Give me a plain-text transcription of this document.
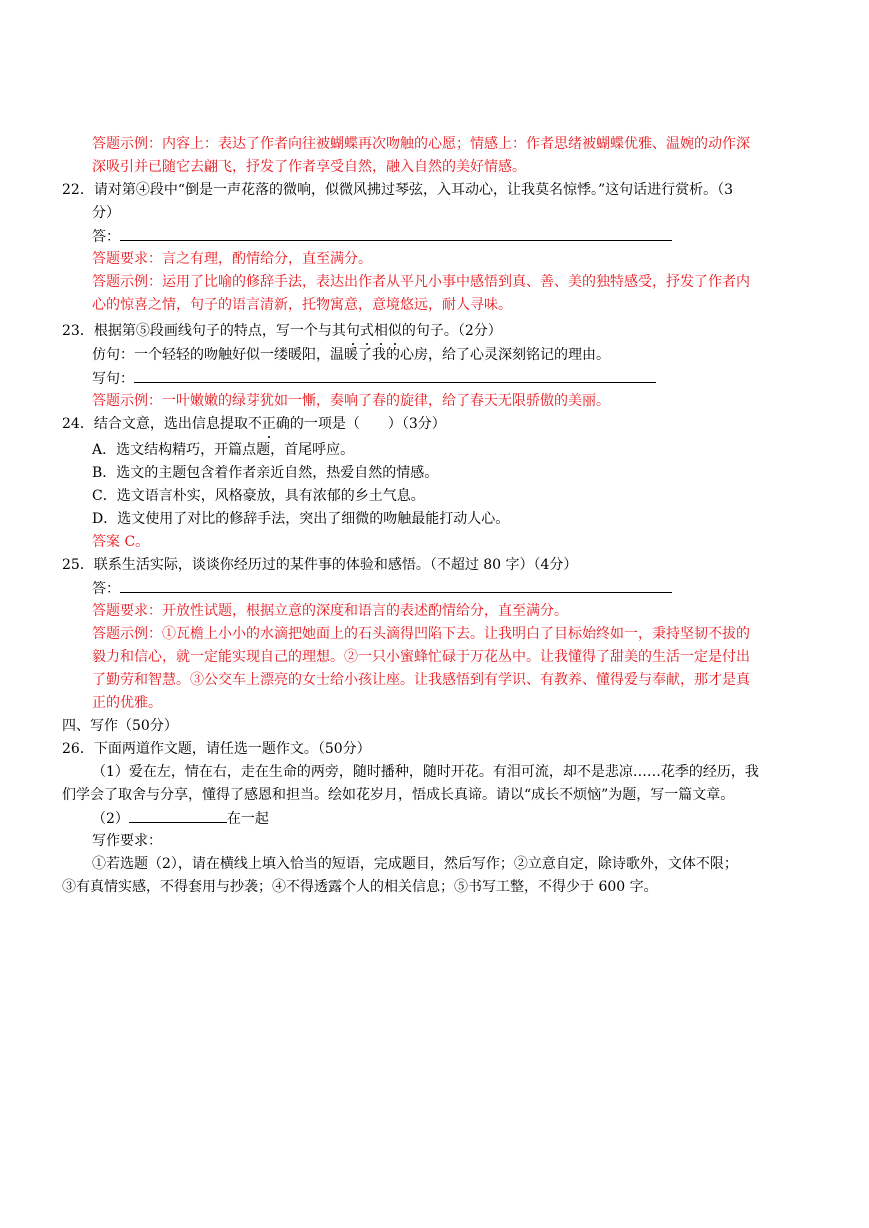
答题示例：内容上：表达了作者向往被蝴蝶再次吻触的心愿；情感上：作者思绪被蝴蝶优雅、温婉的动作深
深吸引并已随它去翩飞，抒发了作者享受自然，融入自然的美好情感。
22．请对第④段中“倒是一声花落的微响，似微风拂过琴弦，入耳动心，让我莫名惊悸。”这句话进行赏析。（3
分）
答：
答题要求：言之有理，酌情给分，直至满分。
答题示例：运用了比喻的修辞手法，表达出作者从平凡小事中感悟到真、善、美的独特感受，抒发了作者内
心的惊喜之情，句子的语言清新，托物寓意，意境悠远，耐人寻味。
23．根据第⑤段画线句子的特点，写一个与其句式相似的句子。（2分）
仿句：一个轻轻的吻触好似一缕暖阳，温暖了我的心房，给了心灵深刻铭记的理由。
写句：
答题示例：一叶嫩嫩的绿芽犹如一慚，奏响了春的旋律，给了春天无限骄傲的美丽。
24．结合文意，选出信息提取不正确的一项是（　　）（3分）
A．选文结构精巧，开篇点题，首尾呼应。
B．选文的主题包含着作者亲近自然，热爱自然的情感。
C．选文语言朴实，风格豪放，具有浓郁的乡土气息。
D．选文使用了对比的修辞手法，突出了细微的吻触最能打动人心。
答案 C。
25．联系生活实际，谈谈你经历过的某件事的体验和感悟。（不超过 80 字）（4分）
答：
答题要求：开放性试题，根据立意的深度和语言的表述酌情给分，直至满分。
答题示例：①瓦檐上小小的水滴把她面上的石头滴得凹陷下去。让我明白了目标始终如一，秉持坚韧不拔的
毅力和信心，就一定能实现自己的理想。②一只小蜜蜂忙碌于万花丛中。让我懂得了甜美的生活一定是付出
了勤劳和智慧。③公交车上漂亮的女士给小孩让座。让我感悟到有学识、有教养、懂得爱与奉献，那才是真
正的优雅。
四、写作（50分）
26．下面两道作文题，请任选一题作文。（50分）
（1）爱在左，情在右，走在生命的两旁，随时播种，随时开花。有泪可流，却不是悲凉……花季的经历，我
们学会了取舍与分享，懂得了感恩和担当。绘如花岁月，悟成长真谛。请以“成长不烦恼”为题，写一篇文章。
（2）	在一起
写作要求：
①若选题（2），请在横线上填入恰当的短语，完成题目，然后写作；②立意自定，除诗歌外，文体不限；
③有真情实感，不得套用与抄袭；④不得透露个人的相关信息；⑤书写工整，不得少于 600 字。
